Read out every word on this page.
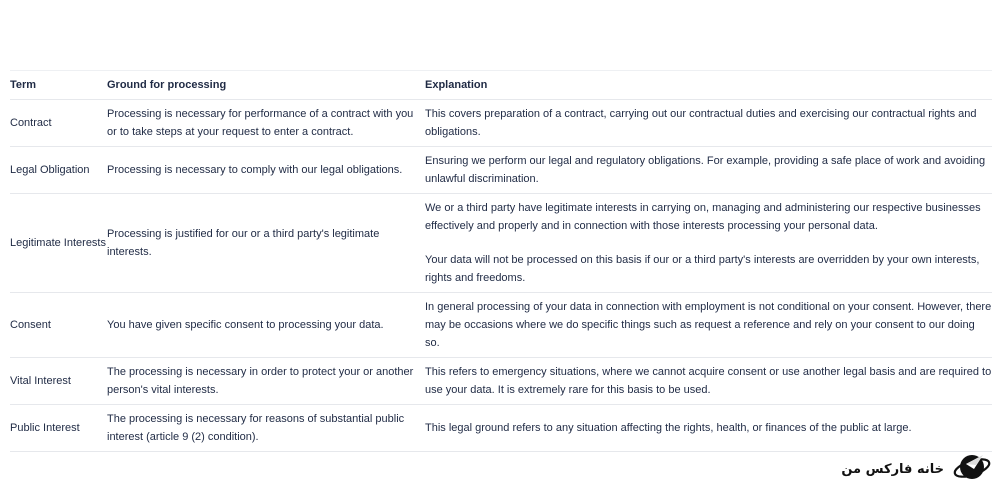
Term	Ground for processing	Explanation
Contract	Processing is necessary for performance of a contract with you or to take steps at your request to enter a contract.	This covers preparation of a contract, carrying out our contractual duties and exercising our contractual rights and obligations.
Legal Obligation	Processing is necessary to comply with our legal obligations.	Ensuring we perform our legal and regulatory obligations. For example, providing a safe place of work and avoiding unlawful discrimination.
Legitimate Interests	Processing is justified for our or a third party's legitimate interests.	We or a third party have legitimate interests in carrying on, managing and administering our respective businesses effectively and properly and in connection with those interests processing your personal data.
Your data will not be processed on this basis if our or a third party's interests are overridden by your own interests, rights and freedoms.

Consent	You have given specific consent to processing your data.	In general processing of your data in connection with employment is not conditional on your consent. However, there may be occasions where we do specific things such as request a reference and rely on your consent to our doing so.
Vital Interest	The processing is necessary in order to protect your or another person's vital interests.	This refers to emergency situations, where we cannot acquire consent or use another legal basis and are required to use your data. It is extremely rare for this basis to be used.
Public Interest	The processing is necessary for reasons of substantial public interest (article 9 (2) condition).	This legal ground refers to any situation affecting the rights, health, or finances of the public at large.
خانه فارکس من
